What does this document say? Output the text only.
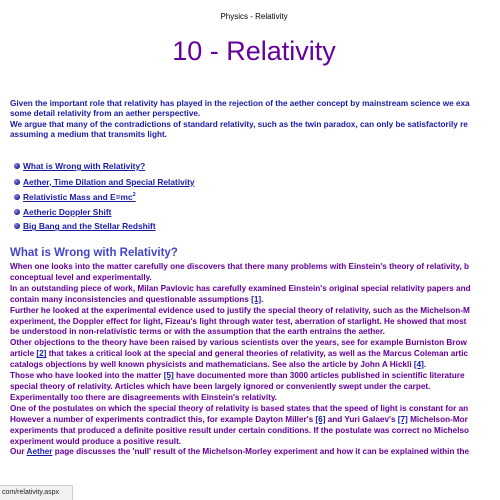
Physics - Relativity
10 - Relativity

Given the important role that relativity has played in the rejection of the aether concept by mainstream science we exa
some detail relativity from an aether perspective.

We argue that many of the contradictions of standard relativity, such as the twin paradox, can only be satisfactorily re
assuming a medium that transmits light.

What is Wrong with Relativity?
Aether, Time Dilation and Special Relativity
Relativistic Mass and E=mc$^2$
Aetheric Doppler Shift
Big Bang and the Stellar Redshift
What is Wrong with Relativity?

When one looks into the matter carefully one discovers that there many problems with Einstein's theory of relativity, b
conceptual level and experimentally.
In an outstanding piece of work, Milan Pavlovic has carefully examined Einstein's original special relativity papers and
contain many inconsistencies and questionable assumptions [1].
Further he looked at the experimental evidence used to justify the special theory of relativity, such as the Michelson-M
experiment, the Doppler effect for light, Fizeau's light through water test, aberration of starlight. He showed that most
be understood in non-relativistic terms or with the assumption that the earth entrains the aether.
Other objections to the theory have been raised by various scientists over the years, see for example Burniston Brow
article [2] that takes a critical look at the special and general theories of relativity, as well as the Marcus Coleman artic
catalogs objections by well known physicists and mathematicians. See also the article by John A Hickli [4].
Those who have looked into the matter [5] have documented more than 3000 articles published in scientific literature
special theory of relativity. Articles which have been largely ignored or conveniently swept under the carpet.
Experimentally too there are disagreements with Einstein's relativity.
One of the postulates on which the special theory of relativity is based states that the speed of light is constant for an
However a number of experiments contradict this, for example Dayton Miller's [6] and Yuri Galaev's [7] Michelson-Mor
experiments that produced a definite positive result under certain conditions. If the postulate was correct no Michelso
experiment would produce a positive result.
Our Aether page discusses the 'null' result of the Michelson-Morley experiment and how it can be explained within the

com/relativity.aspx
